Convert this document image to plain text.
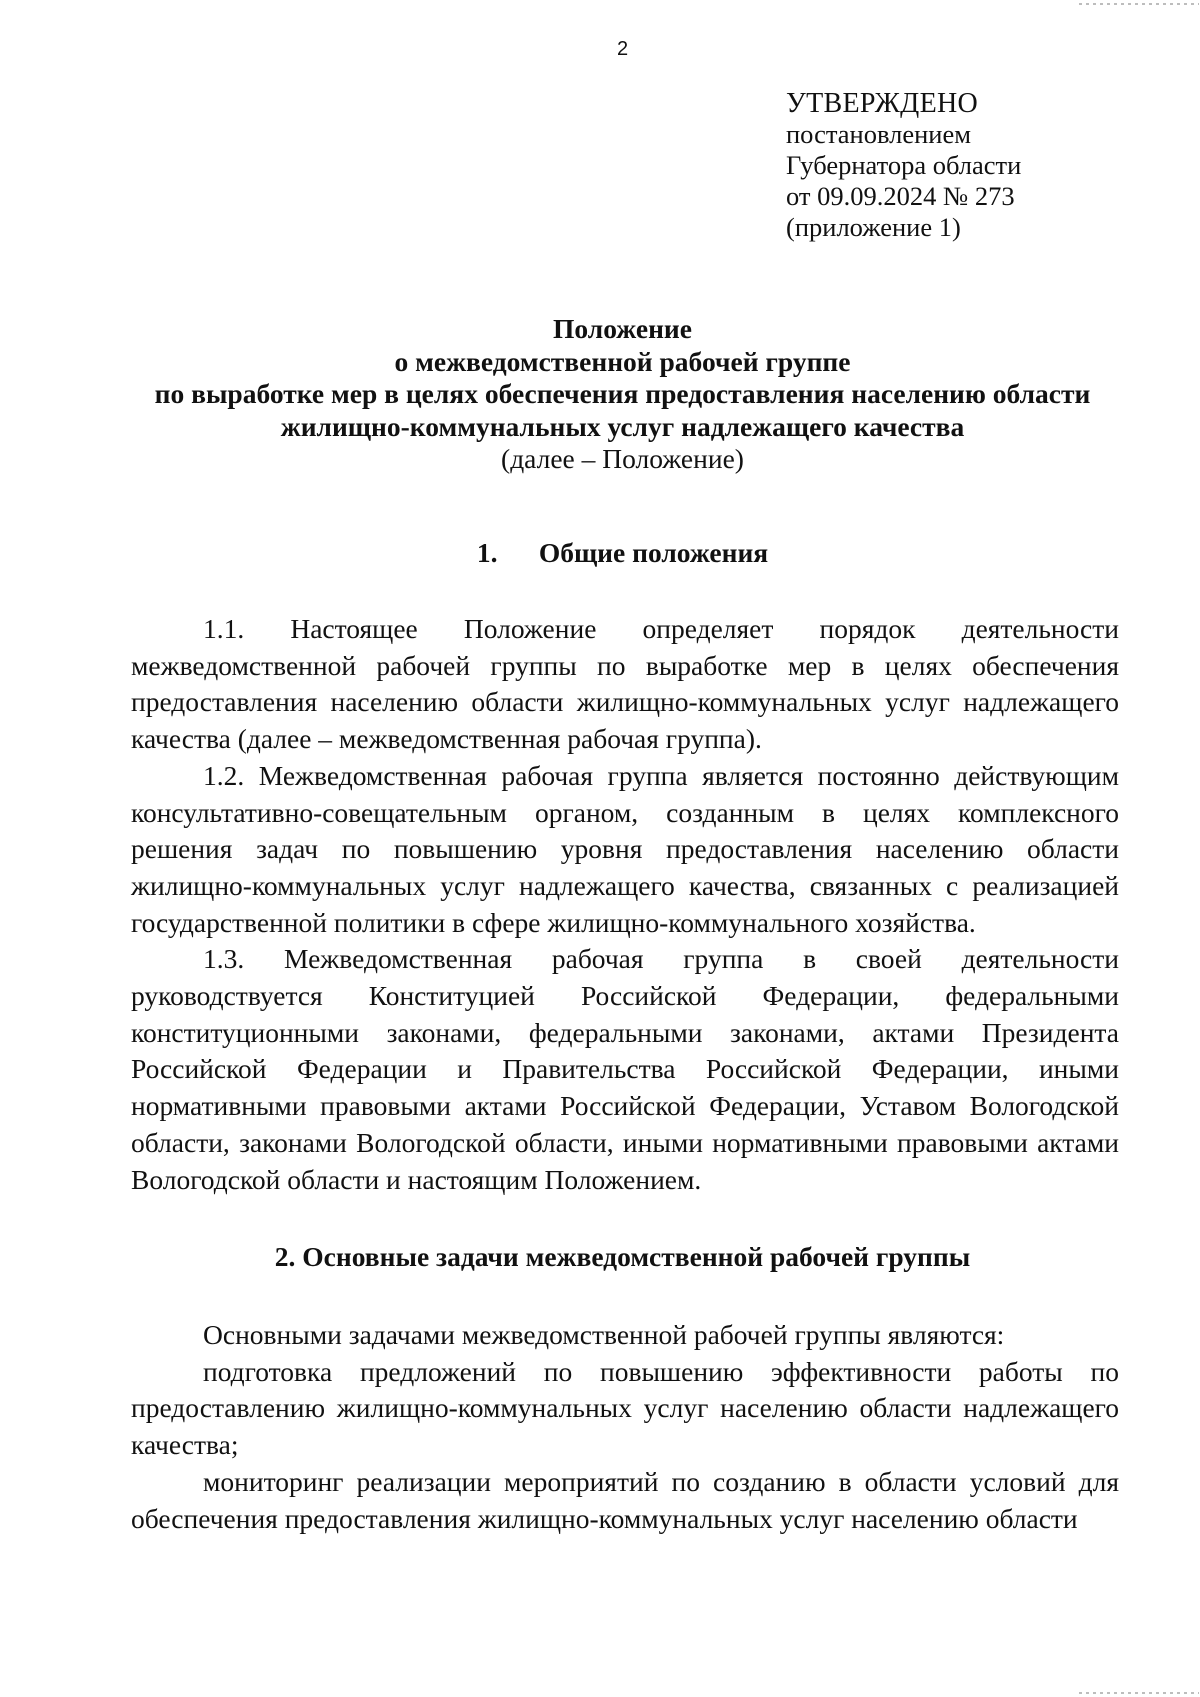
2
УТВЕРЖДЕНО
постановлением
Губернатора области
от 09.09.2024 № 273
(приложение 1)
Положение
о межведомственной рабочей группе
по выработке мер в целях обеспечения предоставления населению области
жилищно-коммунальных услуг надлежащего качества
(далее – Положение)
1. Общие положения

1.1. Настоящее Положение определяет порядок деятельности межведомственной рабочей группы по выработке мер в целях обеспечения предоставления населению области жилищно-коммунальных услуг надлежащего качества (далее – межведомственная рабочая группа).

1.2. Межведомственная рабочая группа является постоянно действующим консультативно-совещательным органом, созданным в целях комплексного решения задач по повышению уровня предоставления населению области жилищно-коммунальных услуг надлежащего качества, связанных с реализацией государственной политики в сфере жилищно-коммунального хозяйства.

1.3. Межведомственная рабочая группа в своей деятельности руководствуется Конституцией Российской Федерации, федеральными конституционными законами, федеральными законами, актами Президента Российской Федерации и Правительства Российской Федерации, иными нормативными правовыми актами Российской Федерации, Уставом Вологодской области, законами Вологодской области, иными нормативными правовыми актами Вологодской области и настоящим Положением.

2. Основные задачи межведомственной рабочей группы

Основными задачами межведомственной рабочей группы являются:

подготовка предложений по повышению эффективности работы по предоставлению жилищно-коммунальных услуг населению области надлежащего качества;

мониторинг реализации мероприятий по созданию в области условий для обеспечения предоставления жилищно-коммунальных услуг населению области
